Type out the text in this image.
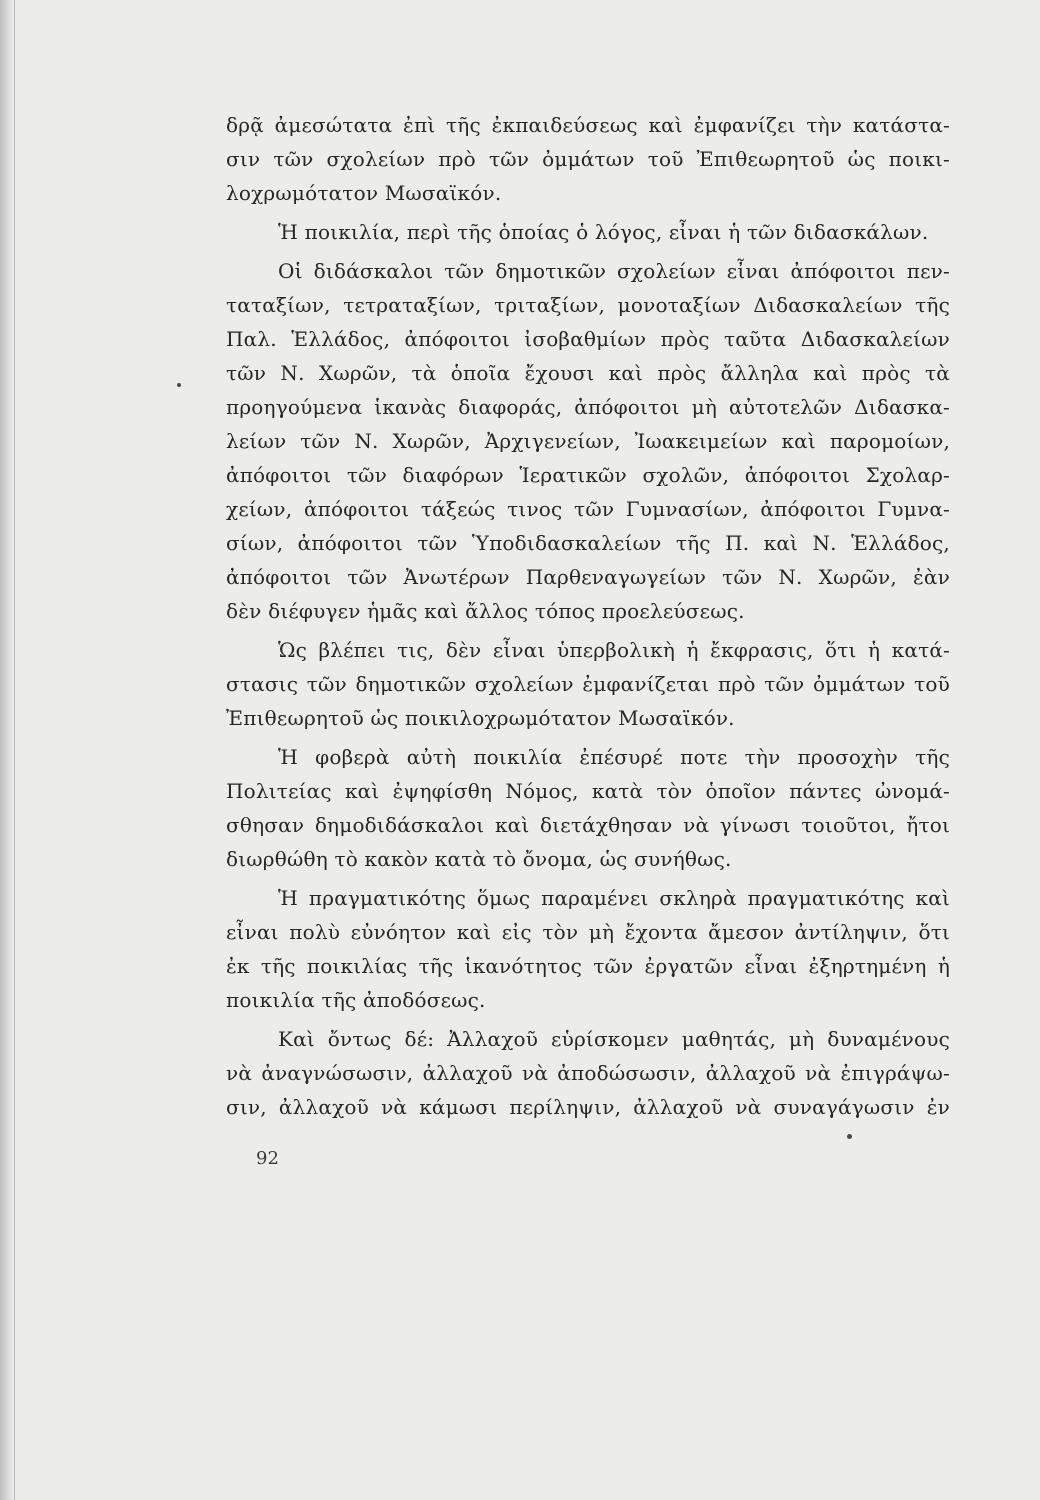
δρᾷ ἀμεσώτατα ἐπὶ τῆς ἐκπαιδεύσεως καὶ ἐμφανίζει τὴν κατάστα-
σιν τῶν σχολείων πρὸ τῶν ὀμμάτων τοῦ Ἐπιθεωρητοῦ ὡς ποικι-
λοχρωμότατον Μωσαϊκόν.
Ἡ ποικιλία, περὶ τῆς ὁποίας ὁ λόγος, εἶναι ἡ τῶν διδασκάλων.
Οἱ διδάσκαλοι τῶν δημοτικῶν σχολείων εἶναι ἀπόφοιτοι πεν-
ταταξίων, τετραταξίων, τριταξίων, μονοταξίων Διδασκαλείων τῆς
Παλ. Ἑλλάδος, ἀπόφοιτοι ἰσοβαθμίων πρὸς ταῦτα Διδασκαλείων
τῶν Ν. Χωρῶν, τὰ ὁποῖα ἔχουσι καὶ πρὸς ἄλληλα καὶ πρὸς τὰ
προηγούμενα ἱκανὰς διαφοράς, ἀπόφοιτοι μὴ αὐτοτελῶν Διδασκα-
λείων τῶν Ν. Χωρῶν, Ἀρχιγενείων, Ἰωακειμείων καὶ παρομοίων,
ἀπόφοιτοι τῶν διαφόρων Ἱερατικῶν σχολῶν, ἀπόφοιτοι Σχολαρ-
χείων, ἀπόφοιτοι τάξεώς τινος τῶν Γυμνασίων, ἀπόφοιτοι Γυμνα-
σίων, ἀπόφοιτοι τῶν Ὑποδιδασκαλείων τῆς Π. καὶ Ν. Ἑλλάδος,
ἀπόφοιτοι τῶν Ἀνωτέρων Παρθεναγωγείων τῶν Ν. Χωρῶν, ἐὰν
δὲν διέφυγεν ἡμᾶς καὶ ἄλλος τόπος προελεύσεως.
Ὡς βλέπει τις, δὲν εἶναι ὑπερβολικὴ ἡ ἔκφρασις, ὅτι ἡ κατά-
στασις τῶν δημοτικῶν σχολείων ἐμφανίζεται πρὸ τῶν ὀμμάτων τοῦ
Ἐπιθεωρητοῦ ὡς ποικιλοχρωμότατον Μωσαϊκόν.
Ἡ φοβερὰ αὐτὴ ποικιλία ἐπέσυρέ ποτε τὴν προσοχὴν τῆς
Πολιτείας καὶ ἐψηφίσθη Νόμος, κατὰ τὸν ὁποῖον πάντες ὠνομά-
σθησαν δημοδιδάσκαλοι καὶ διετάχθησαν νὰ γίνωσι τοιοῦτοι, ἤτοι
διωρθώθη τὸ κακὸν κατὰ τὸ ὄνομα, ὡς συνήθως.
Ἡ πραγματικότης ὅμως παραμένει σκληρὰ πραγματικότης καὶ
εἶναι πολὺ εὐνόητον καὶ εἰς τὸν μὴ ἔχοντα ἄμεσον ἀντίληψιν, ὅτι
ἐκ τῆς ποικιλίας τῆς ἱκανότητος τῶν ἐργατῶν εἶναι ἐξηρτημένη ἡ
ποικιλία τῆς ἀποδόσεως.
Καὶ ὄντως δέ: Ἀλλαχοῦ εὑρίσκομεν μαθητάς, μὴ δυναμένους
νὰ ἀναγνώσωσιν, ἀλλαχοῦ νὰ ἀποδώσωσιν, ἀλλαχοῦ νὰ ἐπιγράψω-
σιν, ἀλλαχοῦ νὰ κάμωσι περίληψιν, ἀλλαχοῦ νὰ συναγάγωσιν ἐν
92
